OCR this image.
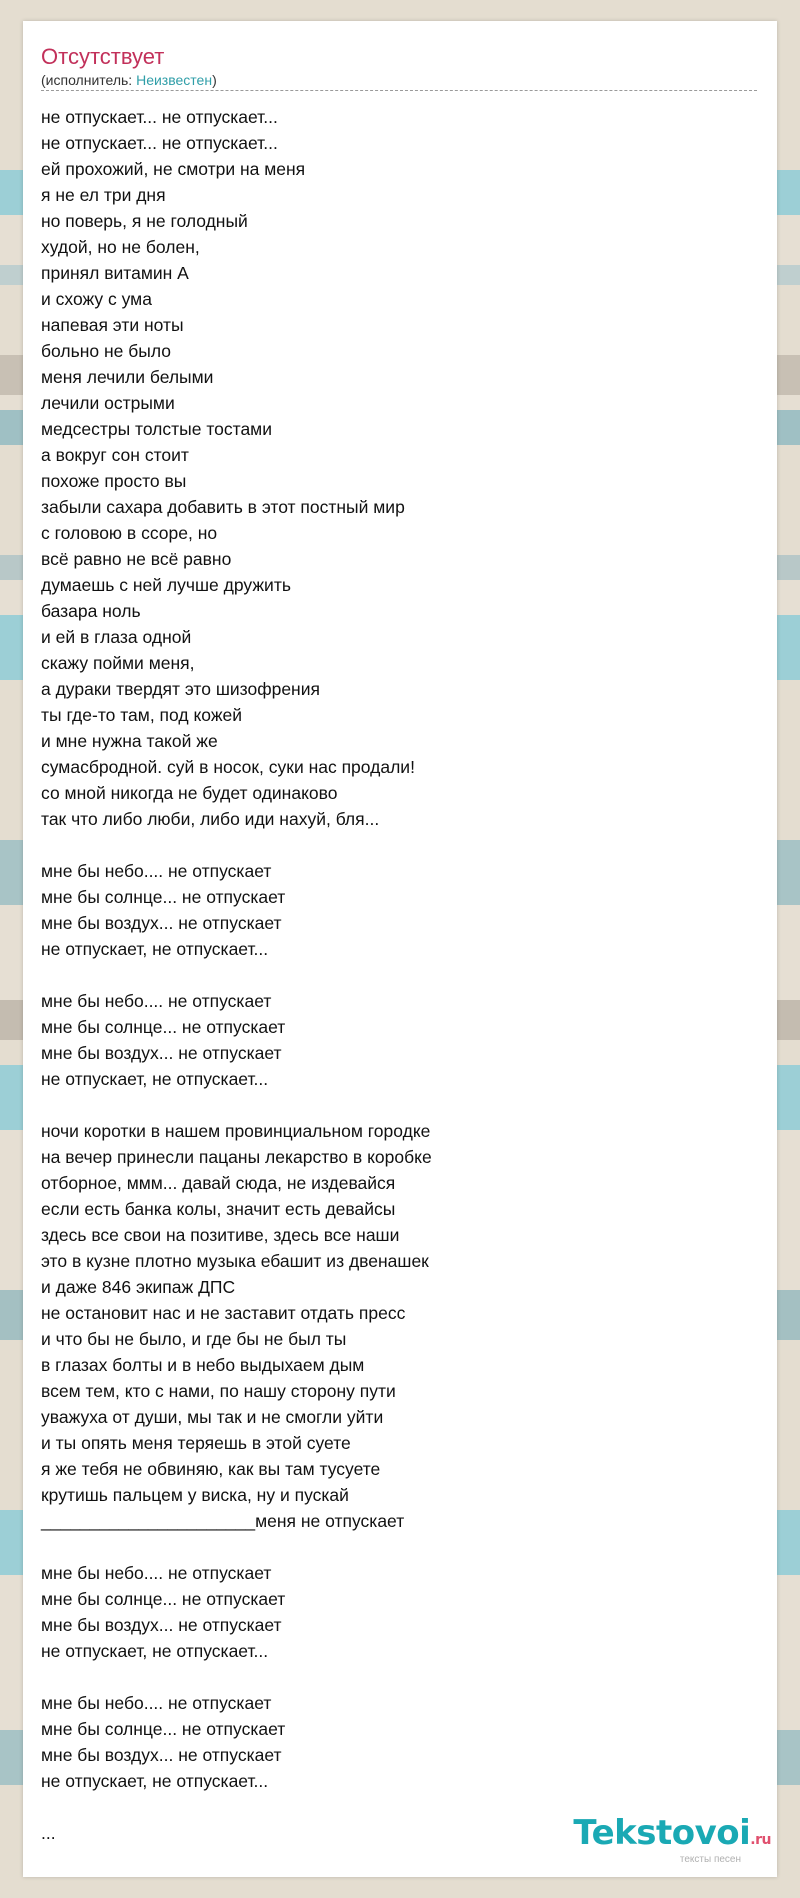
Отсутствует
(исполнитель: Неизвестен)
не отпускает... не отпускает...
не отпускает... не отпускает...
ей прохожий, не смотри на меня
я не ел три дня
но поверь, я не голодный
худой, но не болен,
принял витамин А
и схожу с ума
напевая эти ноты
больно не было
меня лечили белыми
лечили острыми
медсестры толстые тостами
а вокруг сон стоит
похоже просто вы
забыли сахара добавить в этот постный мир
с головою в ссоре, но
всё равно не всё равно
думаешь с ней лучше дружить
базара ноль
и ей в глаза одной
скажу пойми меня,
а дураки твердят это шизофрения
ты где-то там, под кожей
и мне нужна такой же
сумасбродной. суй в носок, суки нас продали!
со мной никогда не будет одинаково
так что либо люби, либо иди нахуй, бля...

мне бы небо.... не отпускает
мне бы солнце... не отпускает
мне бы воздух... не отпускает
не отпускает, не отпускает...

мне бы небо.... не отпускает
мне бы солнце... не отпускает
мне бы воздух... не отпускает
не отпускает, не отпускает...

ночи коротки в нашем провинциальном городке
на вечер принесли пацаны лекарство в коробке
отборное, ммм... давай сюда, не издевайся
если есть банка колы, значит есть девайсы
здесь все свои на позитиве, здесь все наши
это в кузне плотно музыка ебашит из двенашек
и даже 846 экипаж ДПС
не остановит нас и не заставит отдать пресс
и что бы не было, и где бы не был ты
в глазах болты и в небо выдыхаем дым
всем тем, кто с нами, по нашу сторону пути
уважуха от души, мы так и не смогли уйти
и ты опять меня теряешь в этой суете
я же тебя не обвиняю, как вы там тусуете
крутишь пальцем у виска, ну и пускай
______________________меня не отпускает

мне бы небо.... не отпускает
мне бы солнце... не отпускает
мне бы воздух... не отпускает
не отпускает, не отпускает...

мне бы небо.... не отпускает
мне бы солнце... не отпускает
мне бы воздух... не отпускает
не отпускает, не отпускает...

...	Tekstovoi.ru
тексты песен
